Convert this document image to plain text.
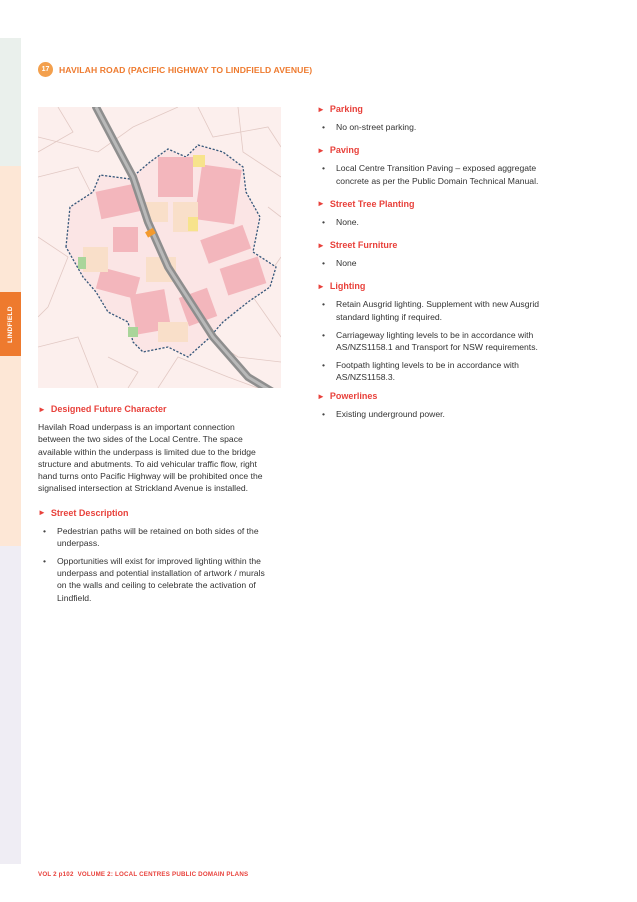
LINDFIELD
17	HAVILAH ROAD (PACIFIC HIGHWAY TO LINDFIELD AVENUE)
► Designed Future Character
Havilah Road underpass is an important connection
between the two sides of the Local Centre. The space
available within the underpass is limited due to the bridge
structure and abutments. To aid vehicular traffic flow, right
hand turns onto Pacific Highway will be prohibited once the
signalised intersection at Strickland Avenue is installed.
► Street Description
• Pedestrian paths will be retained on both sides of the
underpass.
• Opportunities will exist for improved lighting within the
underpass and potential installation of artwork / murals
on the walls and ceiling to celebrate the activation of
Lindfield.
► Parking
• No on-street parking.
► Paving
• Local Centre Transition Paving – exposed aggregate
concrete as per the Public Domain Technical Manual.
► Street Tree Planting
• None.
► Street Furniture
• None
► Lighting
• Retain Ausgrid lighting. Supplement with new Ausgrid
standard lighting if required.
• Carriageway lighting levels to be in accordance with
AS/NZS1158.1 and Transport for NSW requirements.
• Footpath lighting levels to be in accordance with
AS/NZS1158.3.
► Powerlines
• Existing underground power.
VOL 2 p102 VOLUME 2: LOCAL CENTRES PUBLIC DOMAIN PLANS
